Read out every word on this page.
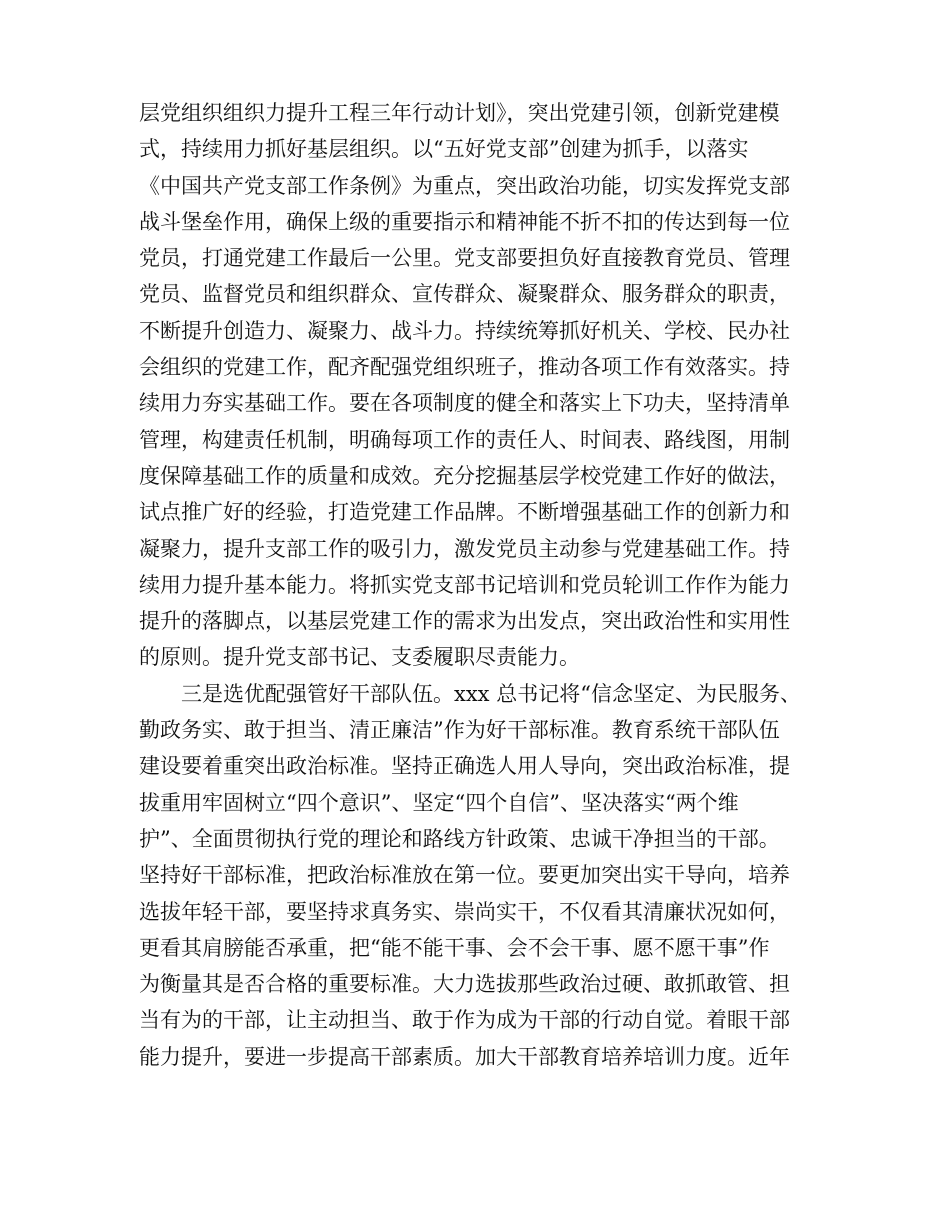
层党组织组织力提升工程三年行动计划》，突出党建引领，创新党建模
式，持续用力抓好基层组织。以“五好党支部”创建为抓手，以落实
《中国共产党支部工作条例》为重点，突出政治功能，切实发挥党支部
战斗堡垒作用，确保上级的重要指示和精神能不折不扣的传达到每一位
党员，打通党建工作最后一公里。党支部要担负好直接教育党员、管理
党员、监督党员和组织群众、宣传群众、凝聚群众、服务群众的职责，
不断提升创造力、凝聚力、战斗力。持续统筹抓好机关、学校、民办社
会组织的党建工作，配齐配强党组织班子，推动各项工作有效落实。持
续用力夯实基础工作。要在各项制度的健全和落实上下功夫，坚持清单
管理，构建责任机制，明确每项工作的责任人、时间表、路线图，用制
度保障基础工作的质量和成效。充分挖掘基层学校党建工作好的做法，
试点推广好的经验，打造党建工作品牌。不断增强基础工作的创新力和
凝聚力，提升支部工作的吸引力，激发党员主动参与党建基础工作。持
续用力提升基本能力。将抓实党支部书记培训和党员轮训工作作为能力
提升的落脚点，以基层党建工作的需求为出发点，突出政治性和实用性
的原则。提升党支部书记、支委履职尽责能力。
三是选优配强管好干部队伍。xxx 总书记将“信念坚定、为民服务、
勤政务实、敢于担当、清正廉洁”作为好干部标准。教育系统干部队伍
建设要着重突出政治标准。坚持正确选人用人导向，突出政治标准，提
拔重用牢固树立“四个意识”、坚定“四个自信”、坚决落实“两个维
护”、全面贯彻执行党的理论和路线方针政策、忠诚干净担当的干部。
坚持好干部标准，把政治标准放在第一位。要更加突出实干导向，培养
选拔年轻干部，要坚持求真务实、崇尚实干，不仅看其清廉状况如何，
更看其肩膀能否承重，把“能不能干事、会不会干事、愿不愿干事”作
为衡量其是否合格的重要标准。大力选拔那些政治过硬、敢抓敢管、担
当有为的干部，让主动担当、敢于作为成为干部的行动自觉。着眼干部
能力提升，要进一步提高干部素质。加大干部教育培养培训力度。近年
